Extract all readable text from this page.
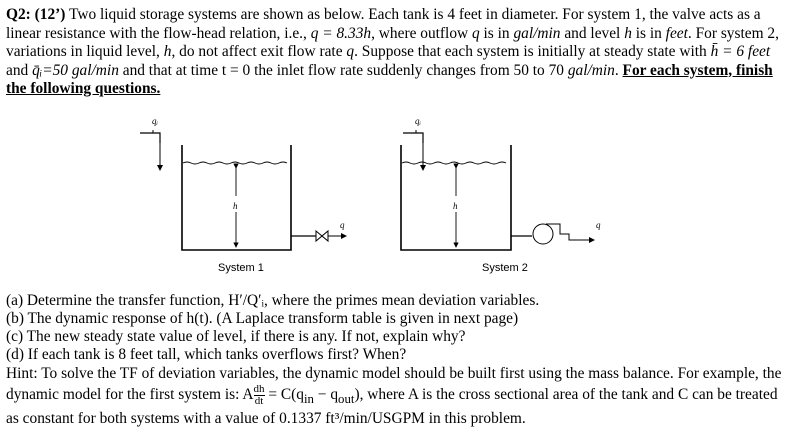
Q2: (12’) Two liquid storage systems are shown as below. Each tank is 4 feet in diameter. For system 1, the valve acts as a linear resistance with the flow-head relation, i.e., q = 8.33h, where outflow q is in gal/min and level h is in feet. For system 2, variations in liquid level, h, do not affect exit flow rate q. Suppose that each system is initially at steady state with h̄ = 6 feet and q̄ᵢ=50 gal/min and that at time t = 0 the inlet flow rate suddenly changes from 50 to 70 gal/min. For each system, finish the following questions.
qᵢ
h
q
System 1
qᵢ
h
q
System 2
(a) Determine the transfer function, H′/Q′ᵢ, where the primes mean deviation variables.
(b) The dynamic response of h(t). (A Laplace transform table is given in next page)
(c) The new steady state value of level, if there is any. If not, explain why?
(d) If each tank is 8 feet tall, which tanks overflows first? When?
Hint: To solve the TF of deviation variables, the dynamic model should be built first using the mass balance. For example, the dynamic model for the first system is: A $\frac{dh}{dt} = C(q_{in} - q_{out})$, where A is the cross sectional area of the tank and C can be treated as constant for both systems with a value of 0.1337 ft³/min/USGPM in this problem.
